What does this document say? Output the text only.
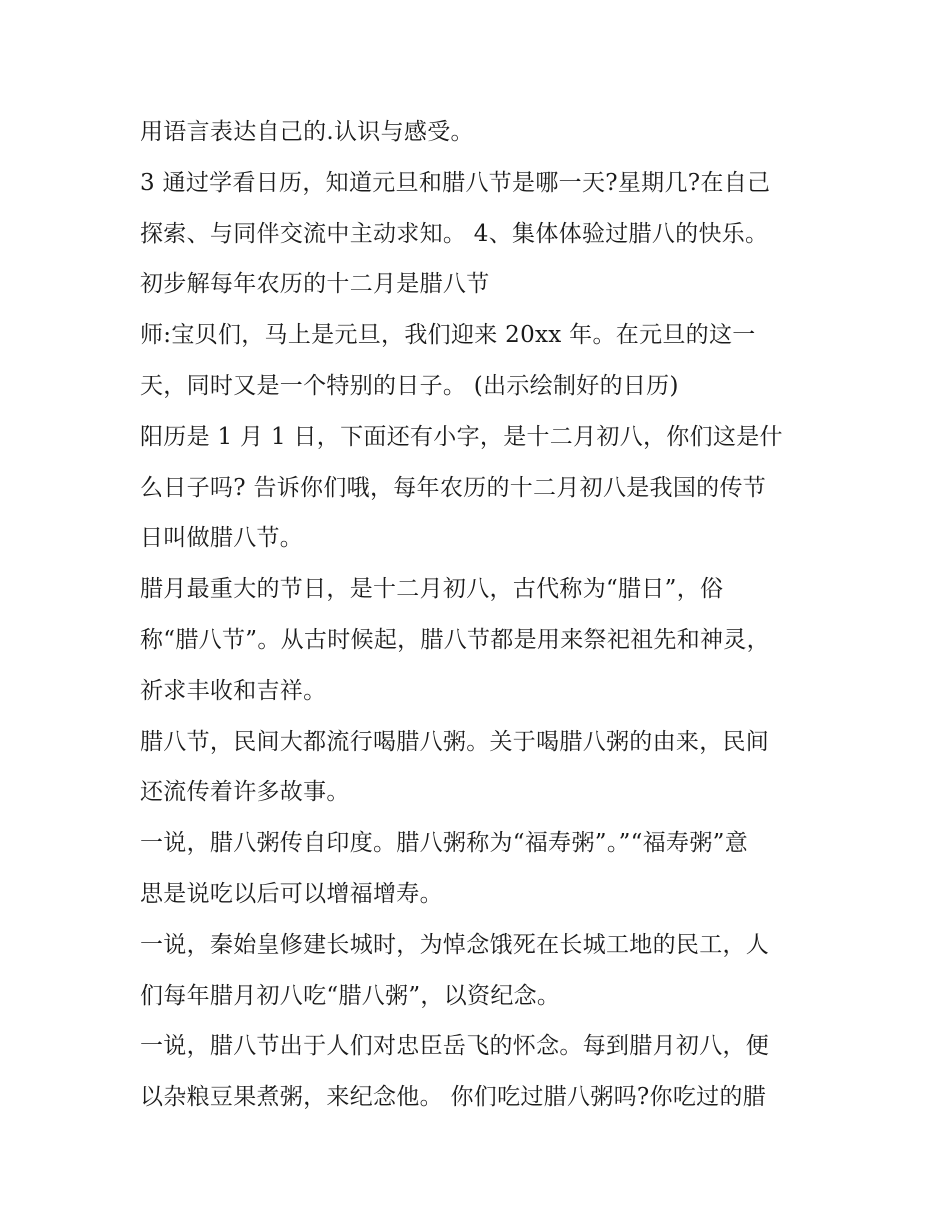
用语言表达自己的.认识与感受。
3 通过学看日历，知道元旦和腊八节是哪一天?星期几?在自己
探索、与同伴交流中主动求知。 4、集体体验过腊八的快乐。
初步解每年农历的十二月是腊八节
师:宝贝们，马上是元旦，我们迎来 20xx 年。在元旦的这一
天，同时又是一个特别的日子。 (出示绘制好的日历)
阳历是 1 月 1 日，下面还有小字，是十二月初八，你们这是什
么日子吗? 告诉你们哦，每年农历的十二月初八是我国的传节
日叫做腊八节。
腊月最重大的节日，是十二月初八，古代称为“腊日”，俗
称“腊八节”。从古时候起，腊八节都是用来祭祀祖先和神灵，
祈求丰收和吉祥。
腊八节，民间大都流行喝腊八粥。关于喝腊八粥的由来，民间
还流传着许多故事。
一说，腊八粥传自印度。腊八粥称为“福寿粥”。”“福寿粥”意
思是说吃以后可以增福增寿。
一说，秦始皇修建长城时，为悼念饿死在长城工地的民工，人
们每年腊月初八吃“腊八粥”，以资纪念。
一说，腊八节出于人们对忠臣岳飞的怀念。每到腊月初八，便
以杂粮豆果煮粥，来纪念他。 你们吃过腊八粥吗?你吃过的腊
